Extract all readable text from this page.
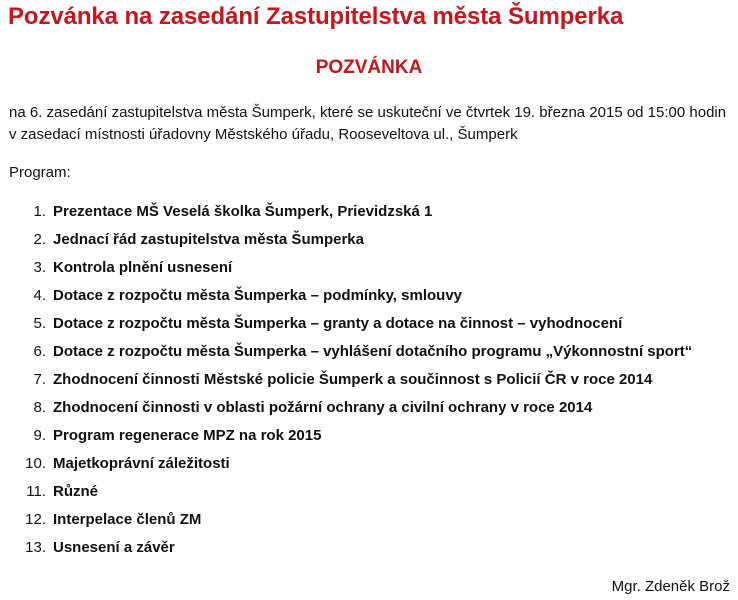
Pozvánka na zasedání Zastupitelstva města Šumperka
POZVÁNKA

na 6. zasedání zastupitelstva města Šumperk, které se uskuteční ve čtvrtek 19. března 2015 od 15:00 hodin v zasedací místnosti úřadovny Městského úřadu, Rooseveltova ul., Šumperk

Program:

1. Prezentace MŠ Veselá školka Šumperk, Prievidzská 1
2. Jednací řád zastupitelstva města Šumperka
3. Kontrola plnění usnesení
4. Dotace z rozpočtu města Šumperka – podmínky, smlouvy
5. Dotace z rozpočtu města Šumperka – granty a dotace na činnost – vyhodnocení
6. Dotace z rozpočtu města Šumperka – vyhlášení dotačního programu „Výkonnostní sport“
7. Zhodnocení činnosti Městské policie Šumperk a součinnost s Policií ČR v roce 2014
8. Zhodnocení činnosti v oblasti požární ochrany a civilní ochrany v roce 2014
9. Program regenerace MPZ na rok 2015
10. Majetkoprávní záležitosti
11. Různé
12. Interpelace členů ZM
13. Usnesení a závěr

Mgr. Zdeněk Brož
